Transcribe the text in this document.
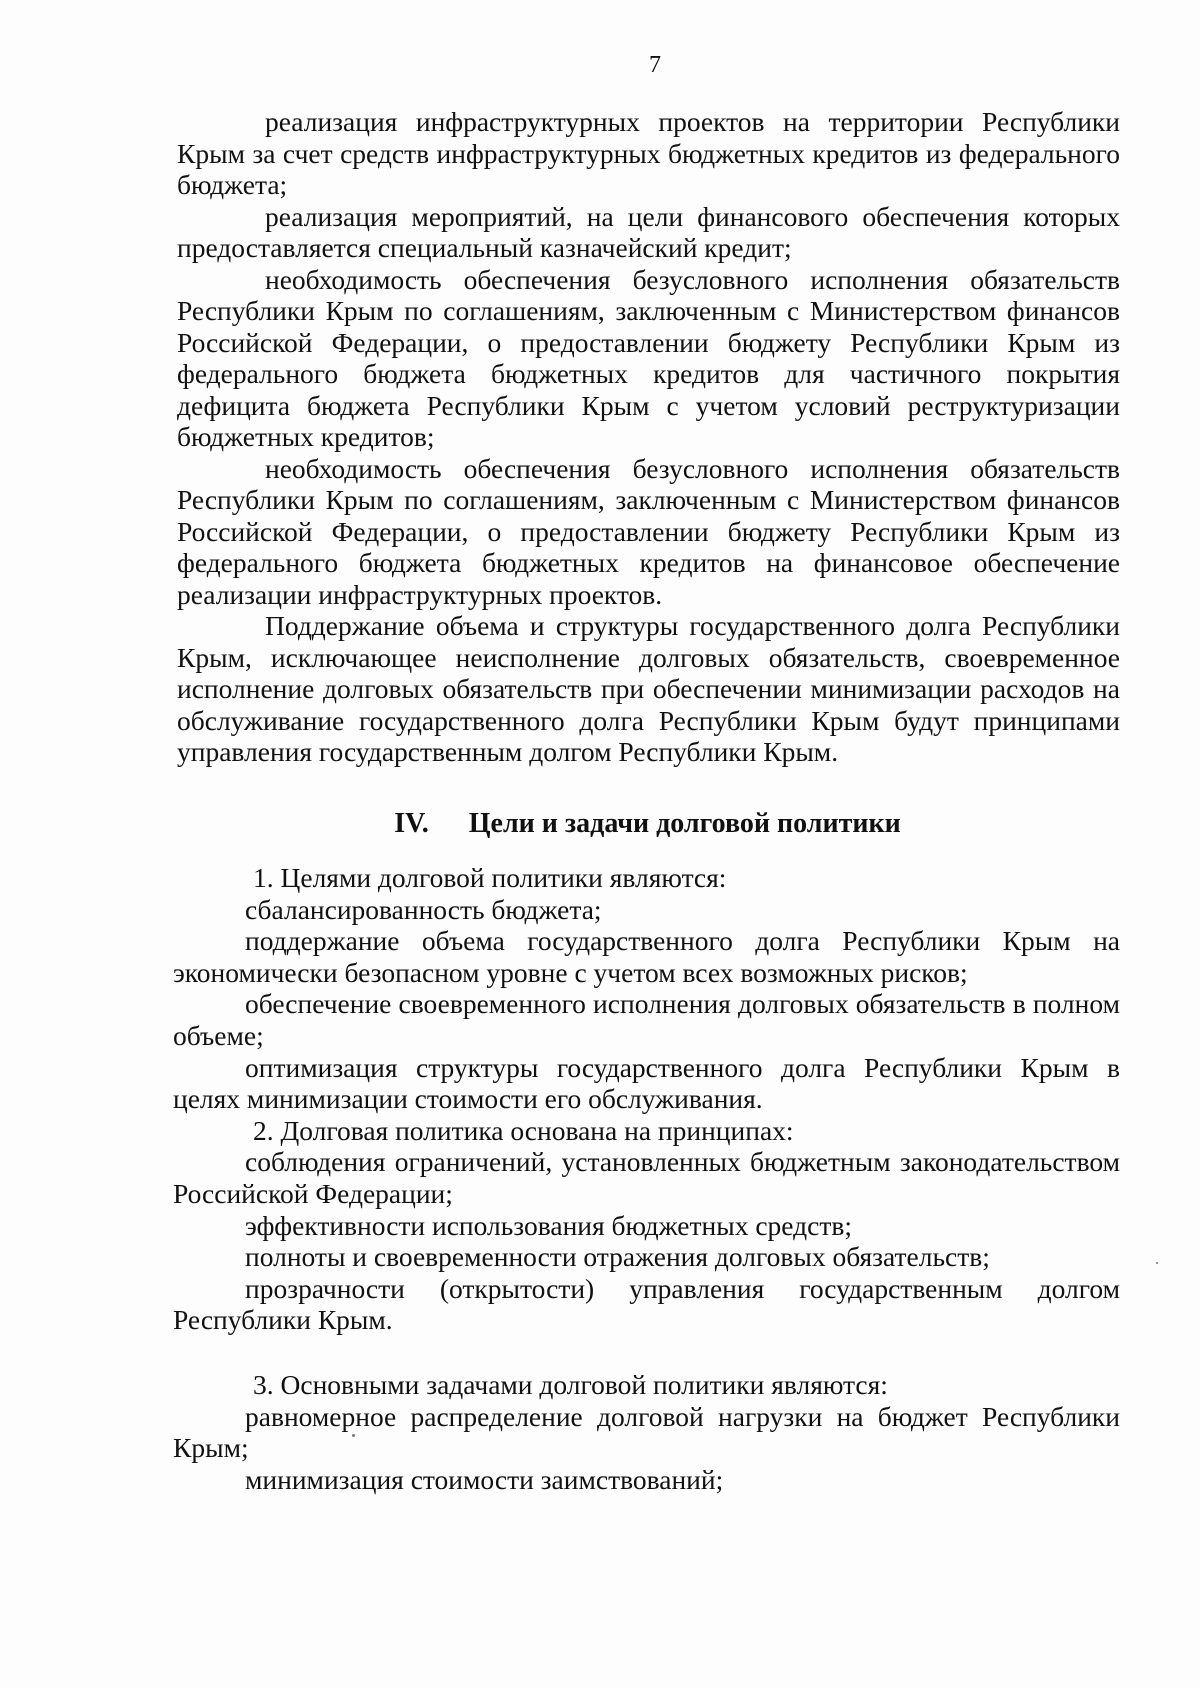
7

реализация инфраструктурных проектов на территории Республики Крым за счет средств инфраструктурных бюджетных кредитов из федерального бюджета;

реализация мероприятий, на цели финансового обеспечения которых предоставляется специальный казначейский кредит;

необходимость обеспечения безусловного исполнения обязательств Республики Крым по соглашениям, заключенным с Министерством финансов Российской Федерации, о предоставлении бюджету Республики Крым из федерального бюджета бюджетных кредитов для частичного покрытия дефицита бюджета Республики Крым с учетом условий реструктуризации бюджетных кредитов;

необходимость обеспечения безусловного исполнения обязательств Республики Крым по соглашениям, заключенным с Министерством финансов Российской Федерации, о предоставлении бюджету Республики Крым из федерального бюджета бюджетных кредитов на финансовое обеспечение реализации инфраструктурных проектов.

Поддержание объема и структуры государственного долга Республики Крым, исключающее неисполнение долговых обязательств, своевременное исполнение долговых обязательств при обеспечении минимизации расходов на обслуживание государственного долга Республики Крым будут принципами управления государственным долгом Республики Крым.

IV. Цели и задачи долговой политики

1. Целями долговой политики являются:

сбалансированность бюджета;

поддержание объема государственного долга Республики Крым на экономически безопасном уровне с учетом всех возможных рисков;

обеспечение своевременного исполнения долговых обязательств в полном объеме;

оптимизация структуры государственного долга Республики Крым в целях минимизации стоимости его обслуживания.

2. Долговая политика основана на принципах:

соблюдения ограничений, установленных бюджетным законодательством Российской Федерации;

эффективности использования бюджетных средств;

полноты и своевременности отражения долговых обязательств;

прозрачности (открытости) управления государственным долгом Республики Крым.

3. Основными задачами долговой политики являются:

равномерное распределение долговой нагрузки на бюджет Республики Крым;

минимизация стоимости заимствований;
